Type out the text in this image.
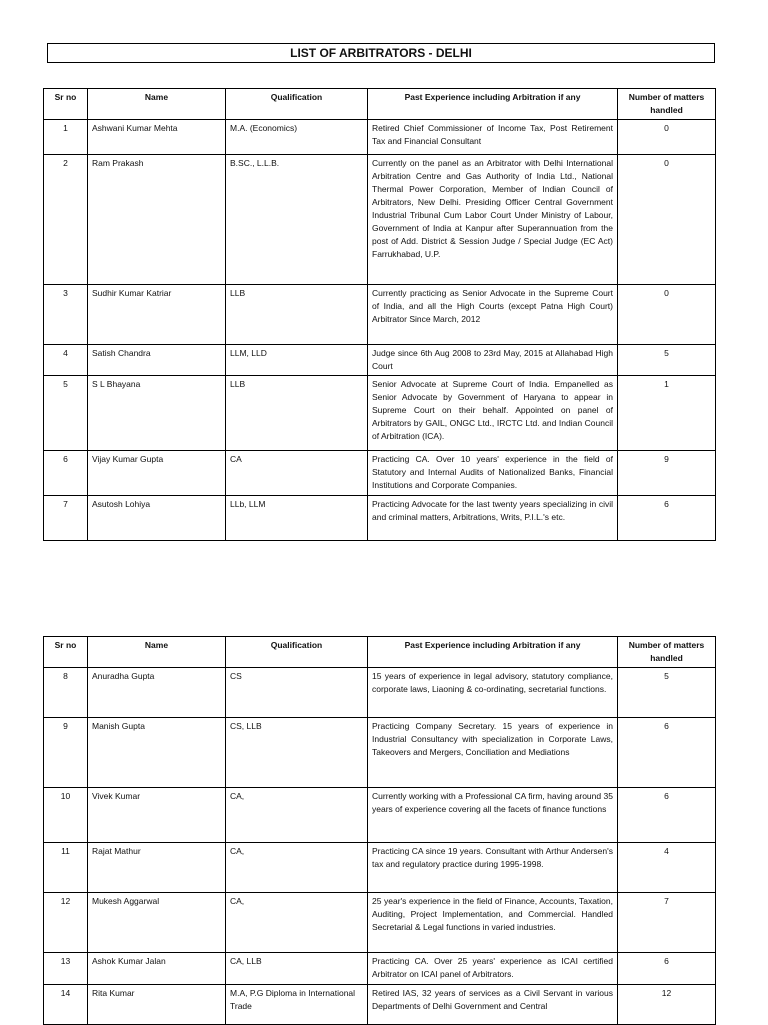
LIST OF ARBITRATORS - DELHI
Sr no	Name	Qualification	Past Experience including Arbitration if any	Number of matters handled
1	Ashwani Kumar Mehta	M.A. (Economics)	Retired Chief Commissioner of Income Tax, Post Retirement Tax and Financial Consultant	0
2	Ram Prakash	B.SC., L.L.B.	Currently on the panel as an Arbitrator with Delhi International Arbitration Centre and Gas Authority of India Ltd., National Thermal Power Corporation, Member of Indian Council of Arbitrators, New Delhi. Presiding Officer Central Government Industrial Tribunal Cum Labor Court Under Ministry of Labour, Government of India at Kanpur after Superannuation from the post of Add. District & Session Judge / Special Judge (EC Act) Farrukhabad, U.P.	0
3	Sudhir Kumar Katriar	LLB	Currently practicing as Senior Advocate in the Supreme Court of India, and all the High Courts (except Patna High Court) Arbitrator Since March, 2012	0
4	Satish Chandra	LLM, LLD	Judge since 6th Aug 2008 to 23rd May, 2015 at Allahabad High Court	5
5	S L Bhayana	LLB	Senior Advocate at Supreme Court of India. Empanelled as Senior Advocate by Government of Haryana to appear in Supreme Court on their behalf. Appointed on panel of Arbitrators by GAIL, ONGC Ltd., IRCTC Ltd. and Indian Council of Arbitration (ICA).	1
6	Vijay Kumar Gupta	CA	Practicing CA. Over 10 years' experience in the field of Statutory and Internal Audits of Nationalized Banks, Financial Institutions and Corporate Companies.	9
7	Asutosh Lohiya	LLb, LLM	Practicing Advocate for the last twenty years specializing in civil and criminal matters, Arbitrations, Writs, P.I.L.'s etc.	6
Sr no	Name	Qualification	Past Experience including Arbitration if any	Number of matters handled
8	Anuradha Gupta	CS	15 years of experience in legal advisory, statutory compliance, corporate laws, Liaoning & co-ordinating, secretarial functions.	5
9	Manish Gupta	CS, LLB	Practicing Company Secretary. 15 years of experience in Industrial Consultancy with specialization in Corporate Laws, Takeovers and Mergers, Conciliation and Mediations	6
10	Vivek Kumar	CA,	Currently working with a Professional CA firm, having around 35 years of experience covering all the facets of finance functions	6
11	Rajat Mathur	CA,	Practicing CA since 19 years. Consultant with Arthur Andersen's tax and regulatory practice during 1995-1998.	4
12	Mukesh Aggarwal	CA,	25 year's experience in the field of Finance, Accounts, Taxation, Auditing, Project Implementation, and Commercial. Handled Secretarial & Legal functions in varied industries.	7
13	Ashok Kumar Jalan	CA, LLB	Practicing CA. Over 25 years' experience as ICAI certified Arbitrator on ICAI panel of Arbitrators.	6
14	Rita Kumar	M.A, P.G Diploma in International Trade	Retired IAS, 32 years of services as a Civil Servant in various Departments of Delhi Government and Central	12
